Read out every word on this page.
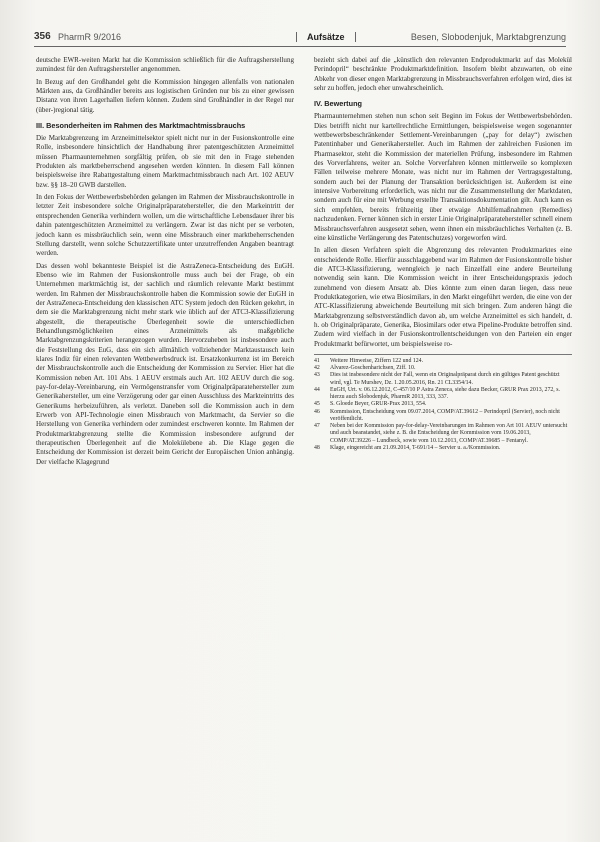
356 PharmR 9/2016	Aufsätze	Besen, Slobodenjuk, Marktabgrenzung

deutsche EWR-weiten Markt hat die Kommission schließlich für die Auftragsherstellung zumindest für den Auftragshersteller angenommen.

In Bezug auf den Großhandel geht die Kommission hingegen allenfalls von nationalen Märkten aus, da Großhändler bereits aus logistischen Gründen nur bis zu einer gewissen Distanz von ihren Lagerhallen liefern können. Zudem sind Großhändler in der Regel nur (über-)regional tätig.

III. Besonderheiten im Rahmen des Marktmachtmissbrauchs

Die Marktabgrenzung im Arzneimittelsektor spielt nicht nur in der Fusionskontrolle eine Rolle, insbesondere hinsichtlich der Handhabung ihrer patentgeschützten Arzneimittel müssen Pharmaunternehmen sorgfältig prüfen, ob sie mit den in Frage stehenden Produkten als marktbeherrschend angesehen werden könnten. In diesem Fall können beispielsweise ihre Rabattgestaltung einem Marktmachtmissbrauch nach Art. 102 AEUV bzw. §§ 18–20 GWB darstellen.

In den Fokus der Wettbewerbsbehörden gelangen im Rahmen der Missbrauchskontrolle in letzter Zeit insbesondere solche Originalpräparatehersteller, die den Markeintritt der entsprechenden Generika verhindern wollen, um die wirtschaftliche Lebensdauer ihrer bis dahin patentgeschützten Arzneimittel zu verlängern. Zwar ist das nicht per se verboten, jedoch kann es missbräuchlich sein, wenn eine Missbrauch einer marktbeherrschenden Stellung darstellt, wenn solche Schutzzertifikate unter unzutreffenden Angaben beantragt werden.

Das dessen wohl bekannteste Beispiel ist die AstraZeneca-Entscheidung des EuGH. Ebenso wie im Rahmen der Fusionskontrolle muss auch bei der Frage, ob ein Unternehmen marktmächtig ist, der sachlich und räumlich relevante Markt bestimmt werden. Im Rahmen der Missbrauchskontrolle haben die Kommission sowie der EuGH in der AstraZeneca-Entscheidung den klassischen ATC System jedoch den Rücken gekehrt, in dem sie die Marktabgrenzung nicht mehr stark wie üblich auf der ATC3-Klassifizierung abgestellt, die therapeutische Überlegenheit sowie die unterschiedlichen Behandlungsmöglichkeiten eines Arzneimittels als maßgebliche Marktabgrenzungskriterien herangezogen wurden. Hervorzuheben ist insbesondere auch die Feststellung des EuG, dass ein sich allmählich vollziehender Marktaustausch kein klares Indiz für einen relevanten Wettbewerbsdruck ist. Ersatzkonkurrenz ist im Bereich der Missbrauchskontrolle auch die Entscheidung der Kommission zu Servier. Hier hat die Kommission neben Art. 101 Abs. 1 AEUV erstmals auch Art. 102 AEUV durch die sog. pay-for-delay-Vereinbarung, ein Vermögenstransfer vom Originalpräparatehersteller zum Generikahersteller, um eine Verzögerung oder gar einen Ausschluss des Markteintritts des Generikums herbeizuführen, als verletzt. Daneben soll die Kommission auch in dem Erwerb von API-Technologie einen Missbrauch von Marktmacht, da Servier so die Herstellung von Generika verhindern oder zumindest erschweren konnte. Im Rahmen der Produktmarktabgrenzung stellte die Kommission insbesondere aufgrund der therapeutischen Überlegenheit auf die Molekülebene ab. Die Klage gegen die Entscheidung der Kommission ist derzeit beim Gericht der Europäischen Union anhängig. Der vielfache Klagegrund

bezieht sich dabei auf die „künstlich den relevanten Endproduktmarkt auf das Molekül Perindopril“ beschränkte Produktmarktdefinition. Insofern bleibt abzuwarten, ob eine Abkehr von dieser engen Marktabgrenzung in Missbrauchsverfahren erfolgen wird, dies ist sehr zu hoffen, jedoch eher unwahrscheinlich.

IV. Bewertung

Pharmaunternehmen stehen nun schon seit Beginn im Fokus der Wettbewerbsbehörden. Dies betrifft nicht nur kartellrechtliche Ermittlungen, beispielsweise wegen sogenannter wettbewerbsbeschränkender Settlement-Vereinbarungen („pay for delay“) zwischen Patentinhaber und Generikahersteller. Auch im Rahmen der zahlreichen Fusionen im Pharmasektor, steht die Kommission der materiellen Prüfung, insbesondere im Rahmen des Vorverfahrens, weiter an. Solche Vorverfahren können mittlerweile so komplexen Fällen teilweise mehrere Monate, was nicht nur im Rahmen der Vertragsgestaltung, sondern auch bei der Planung der Transaktion berücksichtigen ist. Außerdem ist eine intensive Vorbereitung erforderlich, was nicht nur die Zusammenstellung der Marktdaten, sondern auch für eine mit Werbung erstellte Transaktionsdokumentation gilt. Auch kann es sich empfehlen, bereits frühzeitig über etwaige Abhilfemaßnahmen (Remedies) nachzudenken. Ferner können sich in erster Linie Originalpräparatehersteller schnell einem Missbrauchsverfahren ausgesetzt sehen, wenn ihnen ein missbräuchliches Verhalten (z. B. eine künstliche Verlängerung des Patentschutzes) vorgeworfen wird.

In allen diesen Verfahren spielt die Abgrenzung des relevanten Produktmarktes eine entscheidende Rolle. Hierfür ausschlaggebend war im Rahmen der Fusionskontrolle bisher die ATC3-Klassifizierung, wenngleich je nach Einzelfall eine andere Beurteilung notwendig sein kann. Die Kommission weicht in ihrer Entscheidungspraxis jedoch zunehmend von diesem Ansatz ab. Dies könnte zum einen daran liegen, dass neue Produktkategorien, wie etwa Biosimilars, in den Markt eingeführt werden, die eine von der ATC-Klassifizierung abweichende Beurteilung mit sich bringen. Zum anderen hängt die Marktabgrenzung selbstverständlich davon ab, um welche Arzneimittel es sich handelt, d. h. ob Originalpräparate, Generika, Biosimilars oder etwa Pipeline-Produkte betroffen sind. Zudem wird vielfach in der Fusionskontrollentscheidungen von den Parteien ein enger Produktmarkt befürwortet, um beispielsweise ro-

41	Weitere Hinweise, Ziffern 122 und 124.
42	Alvarez-Goschenharichsen, Ziff. 10.
43	Dies ist insbesondere nicht der Fall, wenn ein Originalpräparat durch ein gültiges Patent geschützt wird, vgl. Te Murshev, Dz. 1.20.05.2016, Rn. 21 CL3354/14.
44	EuGH, Urt. v. 06.12.2012, C-457/10 P Astra Zeneca, siehe dazu Becker, GRUR Prax 2013, 272, s. hierzu auch Slobodenjuk, PharmR 2013, 333, 337.
45	S. Gloede Beyer, GRUR-Prax 2013, 554.
46	Kommission, Entscheidung vom 09.07.2014, COMP/AT.39612 – Perindopril (Servier), noch nicht veröffentlicht.
47	Neben bei der Kommission pay-for-delay-Vereinbarungen im Rahmen von Art 101 AEUV untersucht und auch beanstandet, siehe z. B. die Entscheidung der Kommission vom 19.06.2013, COMP/AT.39226 – Lundbeck, sowie vom 10.12.2013, COMP/AT.39685 – Fentanyl.
48	Klage, eingereicht am 21.09.2014, T-691/14 – Servier u. a./Kommission.
